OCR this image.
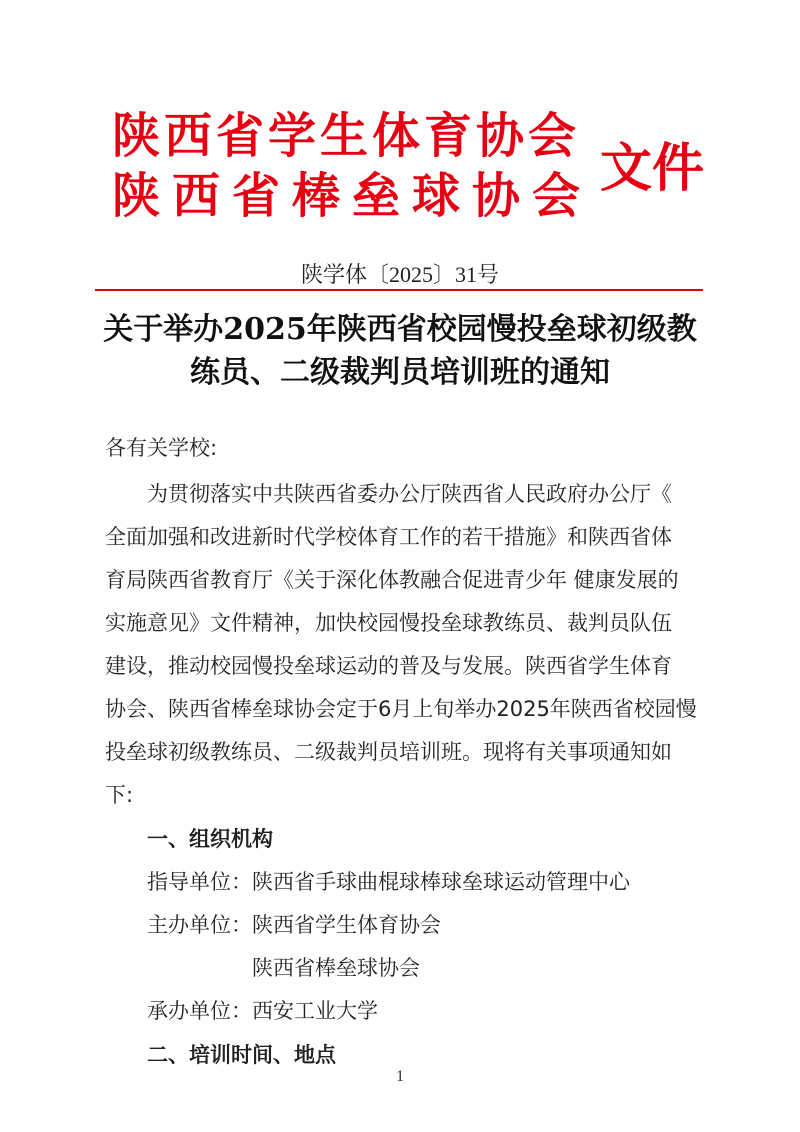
陕西省学生体育协会
陕西省棒垒球协会 文件
陕学体〔2025〕31号
关于举办2025年陕西省校园慢投垒球初级教
练员、二级裁判员培训班的通知
各有关学校:
为贯彻落实中共陕西省委办公厅陕西省人民政府办公厅《
全面加强和改进新时代学校体育工作的若干措施》和陕西省体
育局陕西省教育厅《关于深化体教融合促进青少年 健康发展的
实施意见》文件精神，加快校园慢投垒球教练员、裁判员队伍
建设，推动校园慢投垒球运动的普及与发展。陕西省学生体育
协会、陕西省棒垒球协会定于6月上旬举办2025年陕西省校园慢
投垒球初级教练员、二级裁判员培训班。现将有关事项通知如
下:
一、组织机构
指导单位：陕西省手球曲棍球棒球垒球运动管理中心
主办单位：陕西省学生体育协会
陕西省棒垒球协会
承办单位：西安工业大学
二、培训时间、地点
1
